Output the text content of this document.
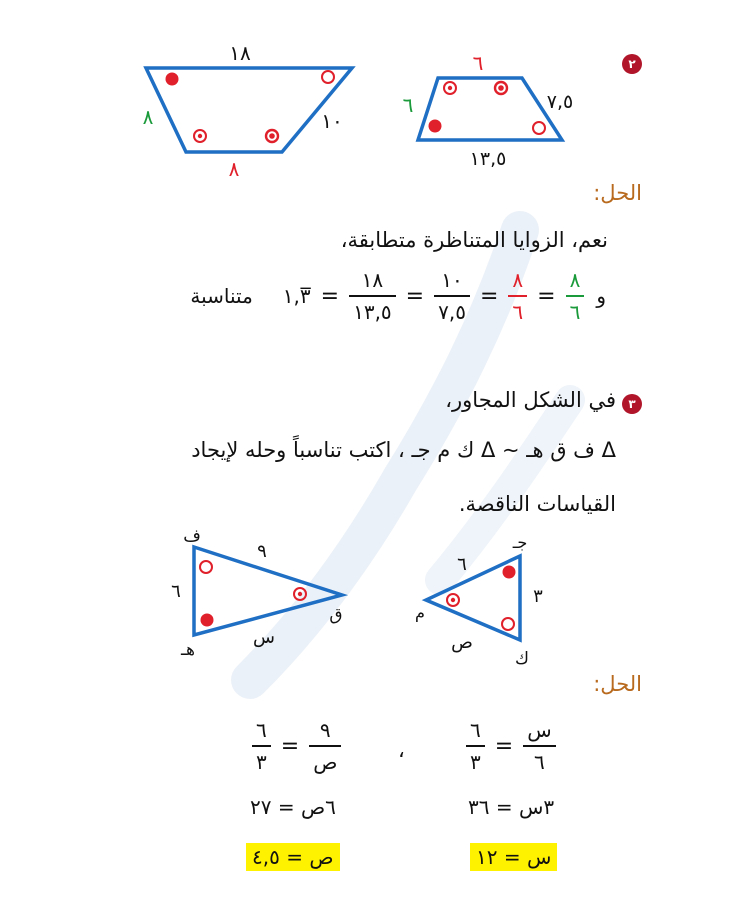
٢
١٨
٨	١٠
٨
٦
٦	٧,٥
١٣,٥
الحل:
نعم، الزوايا المتناظرة متطابقة،
و
$\frac{٨}{٦}$
=
$\frac{٨}{٦}$
=
$\frac{١٠}{٧,٥}$
=
$\frac{١٨}{١٣,٥}$
=
١,٣̅
متناسبة
٣
في الشكل المجاور،
Δ ف ق هـ ∽ Δ ك م جـ ، اكتب تناسباً وحله لإيجاد
القياسات الناقصة.
ف
هـ
ق
٩
٦
س
جـ
ك
م
٦
٣
ص
الحل:
$\frac{٩}{\text{ص}}$
=
$\frac{٦}{٣}$	،	$\frac{\text{س}}{٦}$
=
$\frac{٦}{٣}$
٦ص = ٢٧	٣س = ٣٦
ص = ٤,٥	س = ١٢
